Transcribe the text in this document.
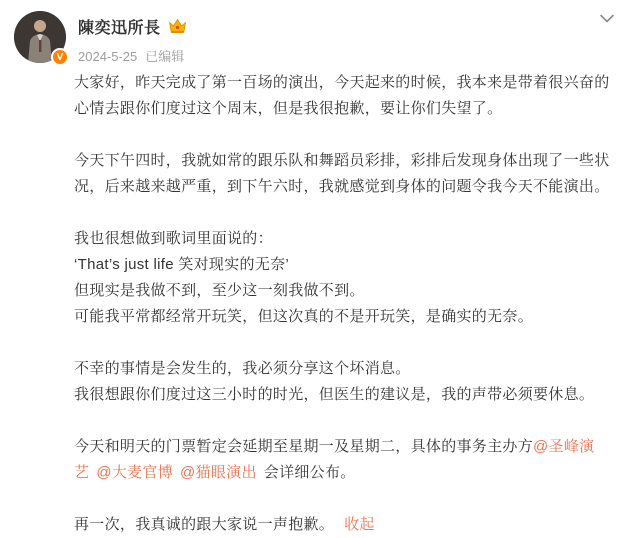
V
陳奕迅所長
2024-5-25 已编辑
大家好，昨天完成了第一百场的演出，今天起来的时候，我本来是带着很兴奋的心情去跟你们度过这个周末，但是我很抱歉，要让你们失望了。
今天下午四时，我就如常的跟乐队和舞蹈员彩排，彩排后发现身体出现了一些状况，后来越来越严重，到下午六时，我就感觉到身体的问题令我今天不能演出。
我也很想做到歌词里面说的：
‘That’s just life 笑对现实的无奈’
但现实是我做不到，至少这一刻我做不到。
可能我平常都经常开玩笑，但这次真的不是开玩笑，是确实的无奈。
不幸的事情是会发生的，我必须分享这个坏消息。
我很想跟你们度过这三小时的时光，但医生的建议是，我的声带必须要休息。
今天和明天的门票暂定会延期至星期一及星期二，具体的事务主办方@圣峰演艺 @大麦官博 @猫眼演出 会详细公布。
再一次，我真诚的跟大家说一声抱歉。 收起
